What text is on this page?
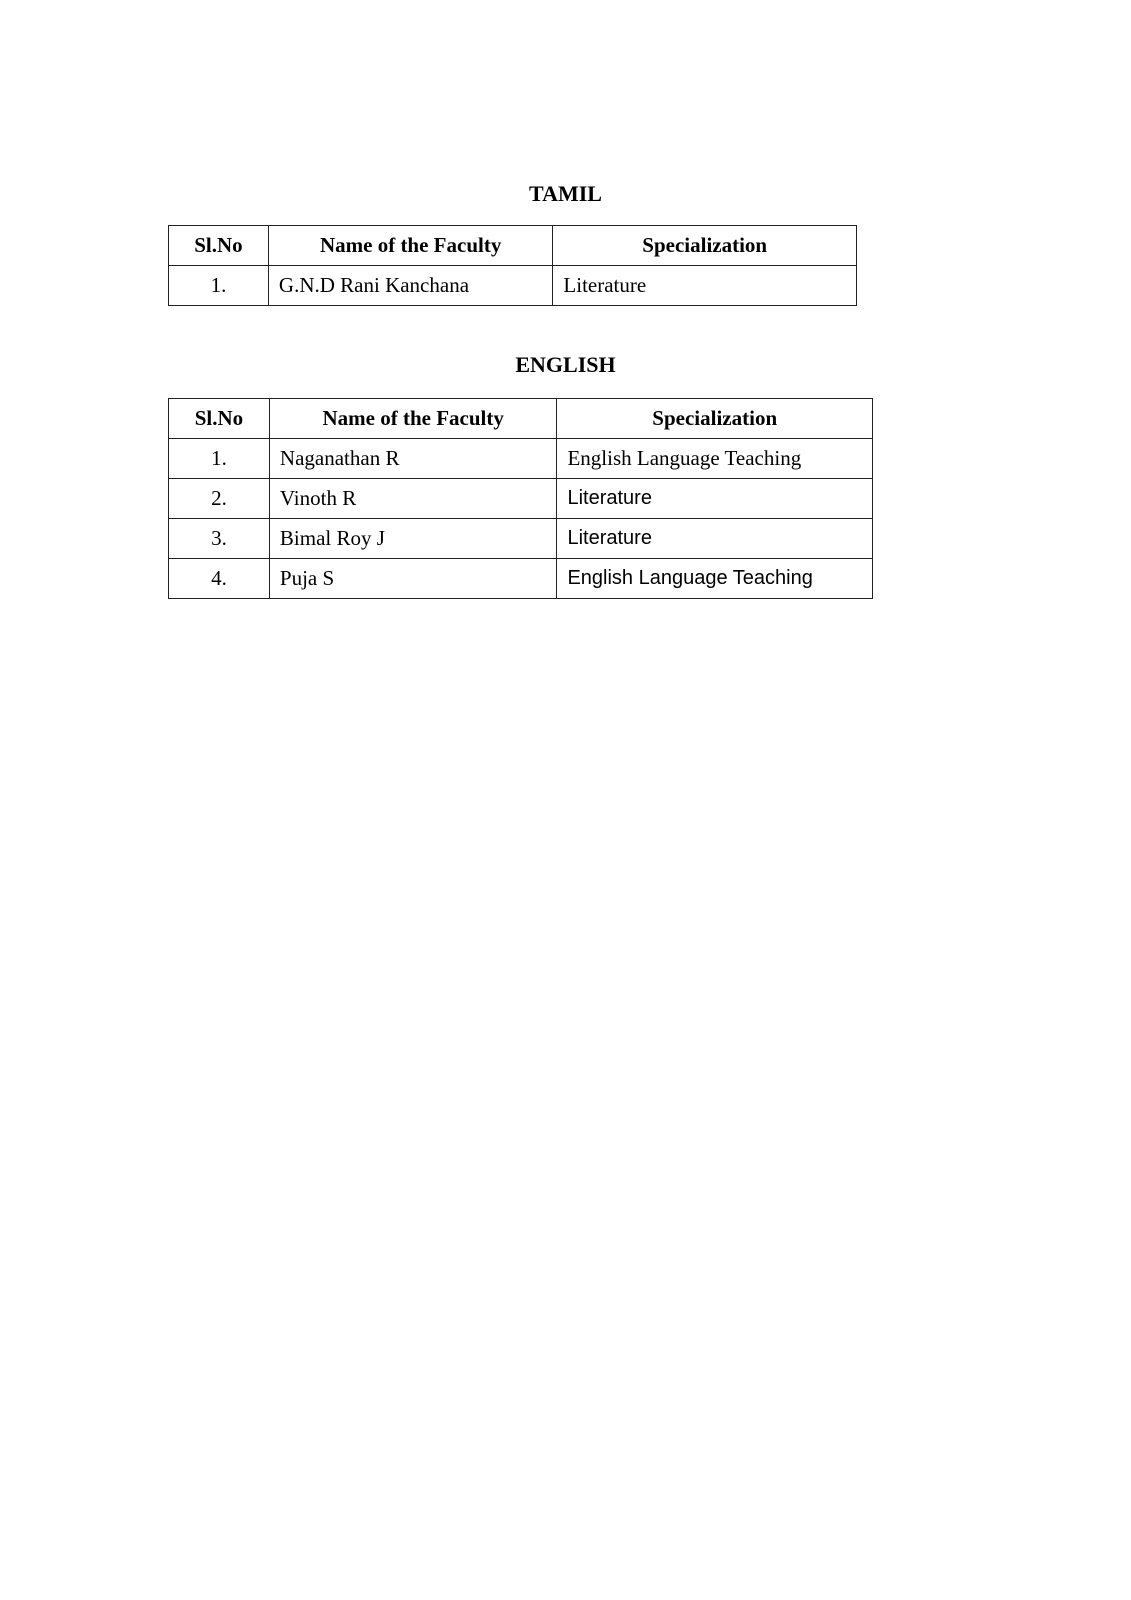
TAMIL
Sl.No	Name of the Faculty	Specialization
1.	G.N.D Rani Kanchana	Literature
ENGLISH
Sl.No	Name of the Faculty	Specialization
1.	Naganathan R	English Language Teaching
2.	Vinoth R	Literature
3.	Bimal Roy J	Literature
4.	Puja S	English Language Teaching
